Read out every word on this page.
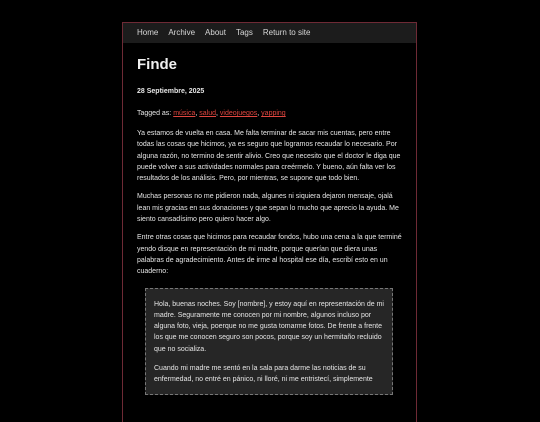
Home Archive About Tags Return to site
Finde
28 Septiembre, 2025
Tagged as: música, salud, videojuegos, yapping

Ya estamos de vuelta en casa. Me falta terminar de sacar mis cuentas, pero entre todas las cosas que hicimos, ya es seguro que logramos recaudar lo necesario. Por alguna razón, no termino de sentir alivio. Creo que necesito que el doctor le diga que puede volver a sus actividades normales para creérmelo. Y bueno, aún falta ver los resultados de los análisis. Pero, por mientras, se supone que todo bien.

Muchas personas no me pidieron nada, algunes ni siquiera dejaron mensaje, ojalá lean mis gracias en sus donaciones y que sepan lo mucho que aprecio la ayuda. Me siento cansadísimo pero quiero hacer algo.

Entre otras cosas que hicimos para recaudar fondos, hubo una cena a la que terminé yendo disque en representación de mi madre, porque querían que diera unas palabras de agradecimiento. Antes de irme al hospital ese día, escribí esto en un cuaderno:

Hola, buenas noches. Soy [nombre], y estoy aquí en representación de mi madre. Seguramente me conocen por mi nombre, algunos incluso por alguna foto, vieja, poerque no me gusta tomarme fotos. De frente a frente los que me conocen seguro son pocos, porque soy un hermitaño recluido que no socializa.

Cuando mi madre me sentó en la sala para darme las noticias de su enfermedad, no entré en pánico, ni lloré, ni me entristecí, simplemente
